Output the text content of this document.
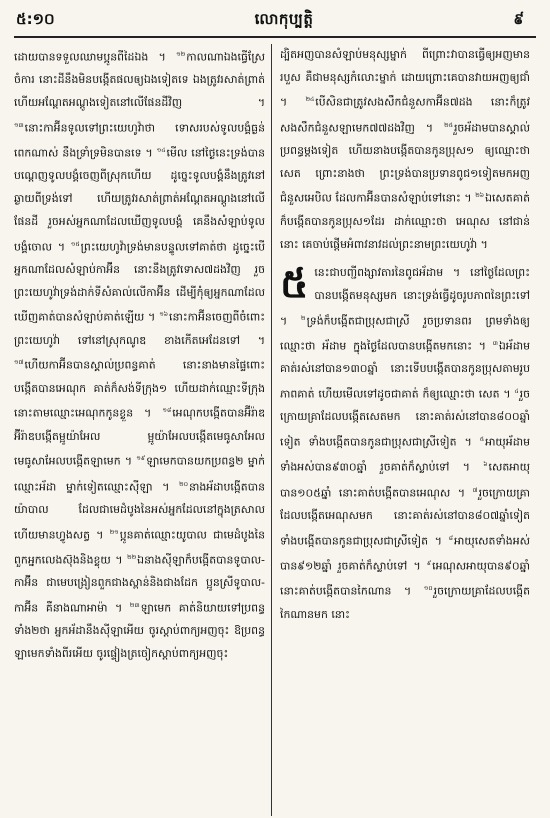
៥:១០	លោកុប្បត្តិ	៩
ដោយបានទទួលឈាមប្អូនពីដៃឯង ។ $^{១២}$កាលណាឯងធ្វើស្រែចំការ នោះដីនឹងមិនបង្កើតផលឲ្យឯងទៀតទេ ឯងត្រូវរសាត់ព្រាត់ ហើយអណ្តែតអណ្តូងទៀតនៅលើផែនដីវិញ ។ $^{១៣}$នោះកាអ៊ីនទូលទៅព្រះយេហូវ៉ាថា ទោសរបស់ទូលបង្គំធ្ងន់ពេកណាស់ នឹងទ្រាំទ្រមិនបានទេ ។ $^{១៤}$មើល នៅថ្ងៃនេះទ្រង់បានបណ្តេញទូលបង្គំចេញពីស្រុកហើយ ដូច្នេះទូលបង្គំនឹងត្រូវនៅឆ្ងាយពីទ្រង់ទៅ ហើយត្រូវរសាត់ព្រាត់អណ្តែតអណ្តូងនៅលើផែនដី រួចអស់អ្នកណាដែលឃើញទូលបង្គំ គេនឹងសំឡាប់ទូលបង្គំចោល ។ $^{១៥}$ព្រះយេហូវ៉ាទ្រង់មានបន្ទូលទៅគាត់ថា ដូច្នេះបើអ្នកណាដែលសំឡាប់កាអ៊ីន នោះនឹងត្រូវទោស៧ដងវិញ រួចព្រះយេហូវ៉ាទ្រង់ដាក់ទីសំគាល់លើកាអ៊ីន ដើម្បីកុំឲ្យអ្នកណាដែលឃើញគាត់បានសំឡាប់គាត់ឡើយ ។ $^{១៦}$នោះកាអ៊ីនចេញពីចំពោះព្រះយេហូវ៉ា ទៅនៅស្រុកណូឌ ខាងកើតអេដែនទៅ ។ $^{១៧}$ហើយកាអ៊ីនបានស្គាល់ប្រពន្ធគាត់ នោះនាងមានផ្ទៃពោះបង្កើតបានអេណុក គាត់ក៏សង់ទីក្រុង១ ហើយដាក់ឈ្មោះទីក្រុងនោះតាមឈ្មោះអេណុកកូនខ្លួន ។ $^{១៨}$អេណុកបង្កើតបានអ៊ីរ៉ាឌ អ៊ីរ៉ាឌបង្កើតម្អូយ៉ាអែល ម្អូយ៉ាអែលបង្កើតមេធូសាអែល មេធូសាអែលបង្កើតឡាមេក ។ $^{១៩}$ឡាមេកបានយកប្រពន្ធ២ ម្នាក់ឈ្មោះអ័ដា ម្នាក់ទៀតឈ្មោះស៊ីឡា ។ $^{២០}$នាងអ័ដាបង្កើតបានយ៉ាបាល ដែលជាមេដំបូងនៃអស់អ្នកដែលនៅក្នុងត្រសាល ហើយមានហ្វូងសត្វ ។ $^{២១}$ប្អូនគាត់ឈ្មោះយូបាល ជាមេដំបូងនៃពួកអ្នកលេងស៊ុងនិងខ្លុយ ។ $^{២២}$ឯនាងស៊ីឡាក៏បង្កើតបានទូបាល-កាអ៊ីន ជាមេបង្រៀនពួកជាងស្ពាន់និងជាងដែក ប្អូនស្រីទូបាល-កាអ៊ីន គឺនាងណាអាម៉ា ។ $^{២៣}$ឡាមេក គាត់និយាយទៅប្រពន្ធទាំង២ថា អ្នកអ័ដានឹងស៊ីឡាអើយ ចូរស្តាប់ពាក្យអញចុះ ឱប្រពន្ធឡាមេកទាំងពីរអើយ ចូរផ្ទៀងត្រចៀកស្តាប់ពាក្យអញចុះ
ដ្បិតអញបានសំឡាប់មនុស្សម្នាក់ ពីព្រោះវាបានធ្វើឲ្យអញមានរបួស គឺជាមនុស្សកំលោះម្នាក់ ដោយព្រោះគេបានវាយអញឲ្យជាំ ។ $^{២៤}$បើសិនជាត្រូវសងសឹកជំនួសកាអ៊ីន៧ដង នោះក៏ត្រូវសងសឹកជំនួសឡាមេក៧៧ដងវិញ ។ $^{២៥}$រួចអ័ដាមបានស្គាល់ប្រពន្ធម្តងទៀត ហើយនាងបង្កើតបានកូនប្រុស១ ឲ្យឈ្មោះថា សេត ព្រោះនាងថា ព្រះទ្រង់បានប្រទានពូជ១ទៀតមកអញជំនួសអេបិល ដែលកាអ៊ីនបានសំឡាប់ទៅនោះ ។ $^{២៦}$ឯសេតគាត់ក៏បង្កើតបានកូនប្រុស១ដែរ ដាក់ឈ្មោះថា អេណុស នៅជាន់នោះ គេចាប់ផ្តើមអំពាវនាវដល់ព្រះនាមព្រះយេហូវ៉ា ។
៥ នេះជាបញ្ជីពង្សាវតារនៃពូជអ័ដាម ។ នៅថ្ងៃដែលព្រះបានបង្កើតមនុស្សមក នោះទ្រង់ធ្វើដូចរូបភាពនៃព្រះទៅ ។ $^២$ទ្រង់ក៏បង្កើតជាប្រុសជាស្រី រួចប្រទានពរ ព្រមទាំងឲ្យឈ្មោះថា អ័ដាម ក្នុងថ្ងៃដែលបានបង្កើតមកនោះ ។ $^៣$ឯអ័ដាមគាត់រស់នៅបាន១៣០ឆ្នាំ នោះទើបបង្កើតបានកូនប្រុសតាមរូបភាពគាត់ ហើយមើលទៅដូចជាគាត់ ក៏ឲ្យឈ្មោះថា សេត ។ $^៤$រួចក្រោយគ្រាដែលបង្កើតសេតមក នោះគាត់រស់នៅបាន៨០០ឆ្នាំទៀត ទាំងបង្កើតបានកូនជាប្រុសជាស្រីទៀត ។ $^៥$អាយុអ័ដាមទាំងអស់បាន៩៣០ឆ្នាំ រួចគាត់ក៏ស្លាប់ទៅ ។ $^៦$សេតអាយុបាន១០៥ឆ្នាំ នោះគាត់បង្កើតបានអេណុស ។ $^៧$រួចក្រោយគ្រាដែលបង្កើតអេណុសមក នោះគាត់រស់នៅបាន៨០៧ឆ្នាំទៀត ទាំងបង្កើតបានកូនជាប្រុសជាស្រីទៀត ។ $^៨$អាយុសេតទាំងអស់បាន៩១២ឆ្នាំ រួចគាត់ក៏ស្លាប់ទៅ ។ $^៩$អេណុសអាយុបាន៩០ឆ្នាំ នោះគាត់បង្កើតបានកៃណាន ។ $^{១០}$រួចក្រោយគ្រាដែលបង្កើតកៃណានមក នោះ
